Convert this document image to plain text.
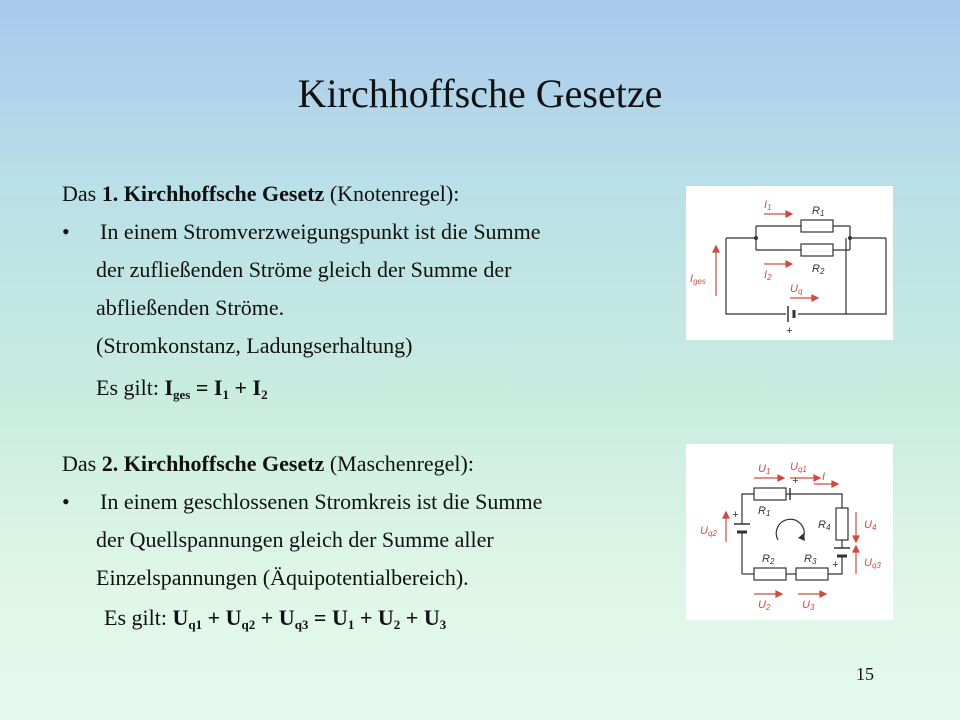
Kirchhoffsche Gesetze
Das 1. Kirchhoffsche Gesetz (Knotenregel):
• In einem Stromverzweigungspunkt ist die Summe
der zufließenden Ströme gleich der Summe der
abfließenden Ströme.
(Stromkonstanz, Ladungserhaltung)
Es gilt: $I_{ges} = I_1 + I_2$
Das 2. Kirchhoffsche Gesetz (Maschenregel):
• In einem geschlossenen Stromkreis ist die Summe
der Quellspannungen gleich der Summe aller
Einzelspannungen (Äquipotentialbereich).
Es gilt: $U_{q1} + U_{q2} + U_{q3} = U_1 + U_2 + U_3$
I1
I2
Iges
Uq
R1
R2
+
U1 Uq1
I
Uq2
U4
Uq3
U2	U3
R1
R4
R2	R3
+
+
+
15
